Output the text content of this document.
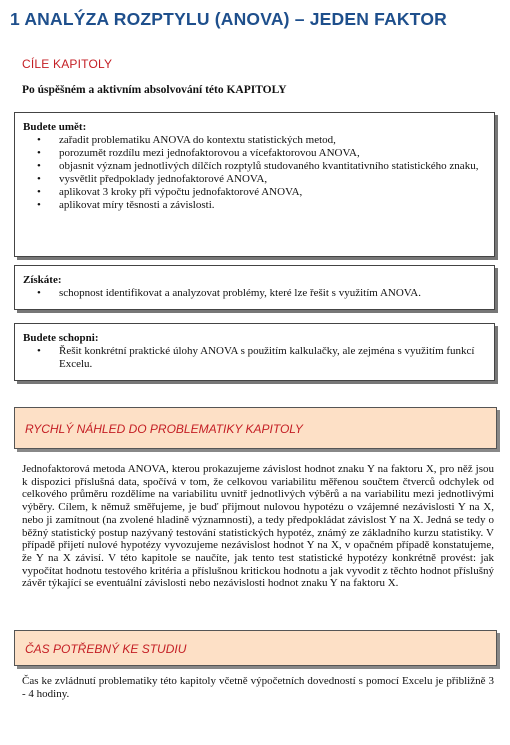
1 ANALÝZA ROZPTYLU (ANOVA) – JEDEN FAKTOR
CÍLE KAPITOLY
Po úspěšném a aktivním absolvování této KAPITOLY
Budete umět:
• zařadit problematiku ANOVA do kontextu statistických metod,
• porozumět rozdílu mezi jednofaktorovou a vícefaktorovou ANOVA,
• objasnit význam jednotlivých dílčích rozptylů studovaného kvantitativního statistického znaku,
• vysvětlit předpoklady jednofaktorové ANOVA,
• aplikovat 3 kroky při výpočtu jednofaktorové ANOVA,
• aplikovat míry těsnosti a závislosti.
Získáte:
• schopnost identifikovat a analyzovat problémy, které lze řešit s využitím ANOVA.
Budete schopni:
• Řešit konkrétní praktické úlohy ANOVA s použitím kalkulačky, ale zejména s využitím funkcí Excelu.
RYCHLÝ NÁHLED DO PROBLEMATIKY KAPITOLY

Jednofaktorová metoda ANOVA, kterou prokazujeme závislost hodnot znaku Y na faktoru X, pro něž jsou k dispozici příslušná data, spočívá v tom, že celkovou variabilitu měřenou součtem čtverců odchylek od celkového průměru rozdělíme na variabilitu uvnitř jednotlivých výběrů a na variabilitu mezi jednotlivými výběry. Cílem, k němuž směřujeme, je buď přijmout nulovou hypotézu o vzájemné nezávislosti Y na X, nebo ji zamítnout (na zvolené hladině významnosti), a tedy předpokládat závislost Y na X. Jedná se tedy o běžný statistický postup nazývaný testování statistických hypotéz, známý ze základního kurzu statistiky. V případě přijetí nulové hypotézy vyvozujeme nezávislost hodnot Y na X, v opačném případě konstatujeme, že Y na X závisí. V této kapitole se naučíte, jak tento test statistické hypotézy konkrétně provést: jak vypočítat hodnotu testového kritéria a příslušnou kritickou hodnotu a jak vyvodit z těchto hodnot příslušný závěr týkající se eventuální závislosti nebo nezávislosti hodnot znaku Y na faktoru X.

ČAS POTŘEBNÝ KE STUDIU

Čas ke zvládnutí problematiky této kapitoly včetně výpočetních dovedností s pomocí Excelu je přibližně 3 - 4 hodiny.
